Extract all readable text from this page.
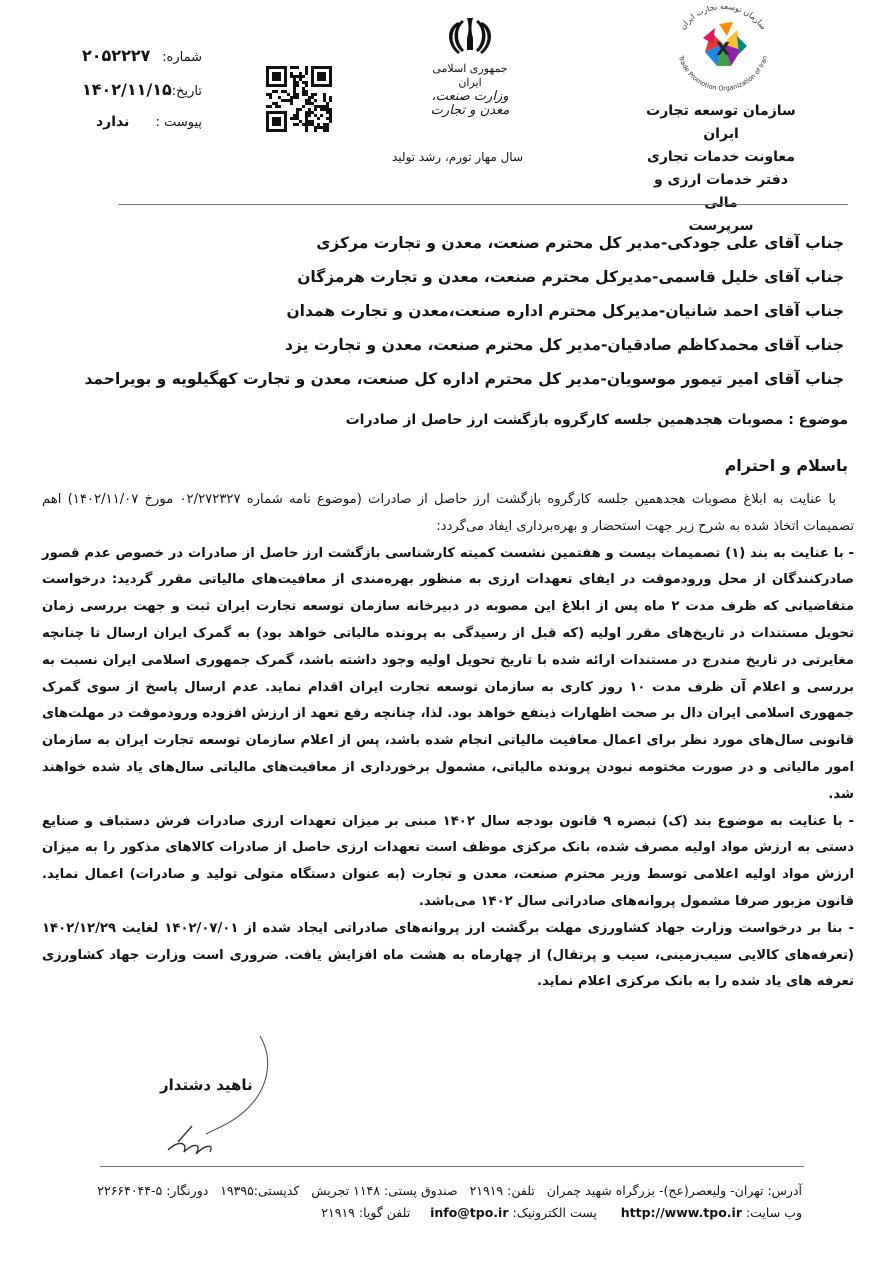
X
سازمان توسعه تجارت ایران
Trade Promotion Organization of Iran
سازمان توسعه تجارت ایران
معاونت خدمات تجاری
دفتر خدمات ارزی و مالی
سرپرست
جمهوری اسلامی ایران
وزارت صنعت، معدن و تجارت
سال مهار تورم، رشد تولید
شماره:
۲۰۵۲۲۲۷
تاریخ:
۱۴۰۲/۱۱/۱۵
پیوست :
ندارد
جناب آقای علی جودکی-مدیر کل محترم صنعت، معدن و تجارت مرکزی
جناب آقای خلیل قاسمی-مدیرکل محترم صنعت، معدن و تجارت هرمزگان
جناب آقای احمد شانیان-مدیرکل محترم اداره صنعت،معدن و تجارت همدان
جناب آقای محمدکاظم صادقیان-مدیر کل محترم صنعت، معدن و تجارت یزد
جناب آقای امیر تیمور موسویان-مدیر کل محترم اداره کل صنعت، معدن و تجارت کهگیلویه و بویراحمد
موضوع : مصوبات هجدهمین جلسه کارگروه بازگشت ارز حاصل از صادرات
باسلام و احترام

با عنایت به ابلاغ مصوبات هجدهمین جلسه کارگروه بازگشت ارز حاصل از صادرات (موضوع نامه شماره ۰۲/۲۷۲۳۲۷ مورخ ۱۴۰۲/۱۱/۰۷) اهم تصمیمات اتخاذ شده به شرح زیر جهت استحضار و بهره‌برداری ایفاد می‌گردد:

- با عنایت به بند (۱) تصمیمات بیست و هفتمین نشست کمیته کارشناسی بازگشت ارز حاصل از صادرات در خصوص عدم قصور صادرکنندگان از محل ورودموقت در ایفای تعهدات ارزی به منظور بهره‌مندی از معافیت‌های مالیاتی مقرر گردید: درخواست متقاضیانی که ظرف مدت ۲ ماه پس از ابلاغ این مصوبه در دبیرخانه سازمان توسعه تجارت ایران ثبت و جهت بررسی زمان تحویل مستندات در تاریخ‌های مقرر اولیه (که قبل از رسیدگی به پرونده مالیاتی خواهد بود) به گمرک ایران ارسال تا چنانچه مغایرتی در تاریخ مندرج در مستندات ارائه شده با تاریخ تحویل اولیه وجود داشته باشد، گمرک جمهوری اسلامی ایران نسبت به بررسی و اعلام آن ظرف مدت ۱۰ روز کاری به سازمان توسعه تجارت ایران اقدام نماید. عدم ارسال پاسخ از سوی گمرک جمهوری اسلامی ایران دال بر صحت اظهارات ذینفع خواهد بود. لذا، چنانچه رفع تعهد از ارزش افزوده ورودموقت در مهلت‌های قانونی سال‌های مورد نظر برای اعمال معافیت مالیاتی انجام شده باشد، پس از اعلام سازمان توسعه تجارت ایران به سازمان امور مالیاتی و در صورت مختومه نبودن پرونده مالیاتی، مشمول برخورداری از معافیت‌های مالیاتی سال‌های یاد شده خواهند شد.

- با عنایت به موضوع بند (ک) تبصره ۹ قانون بودجه سال ۱۴۰۲ مبنی بر میزان تعهدات ارزی صادرات فرش دستباف و صنایع دستی به ارزش مواد اولیه مصرف شده، بانک مرکزی موظف است تعهدات ارزی حاصل از صادرات کالاهای مذکور را به میزان ارزش مواد اولیه اعلامی توسط وزیر محترم صنعت، معدن و تجارت (به عنوان دستگاه متولی تولید و صادرات) اعمال نماید. قانون مزبور صرفا مشمول پروانه‌های صادراتی سال ۱۴۰۲ می‌باشد.

- بنا بر درخواست وزارت جهاد کشاورزی مهلت برگشت ارز پروانه‌های صادراتی ایجاد شده از ۱۴۰۲/۰۷/۰۱ لغایت ۱۴۰۲/۱۲/۲۹ (تعرفه‌های کالایی سیب‌زمینی، سیب و پرتقال) از چهارماه به هشت ماه افزایش یافت. ضروری است وزارت جهاد کشاورزی تعرفه های یاد شده را به بانک مرکزی اعلام نماید.

ناهید دشتدار
آدرس: تهران- ولیعصر(عج)- بزرگراه شهید چمران   تلفن: ۲۱۹۱۹   صندوق پستی: ۱۱۴۸ تجریش   کدپستی:۱۹۳۹۵   دورنگار: ۵-۲۲۶۶۴۰۴۴
وب سایت: http://www.tpo.ir      پست الکترونیک: info@tpo.ir     تلفن گویا: ۲۱۹۱۹
